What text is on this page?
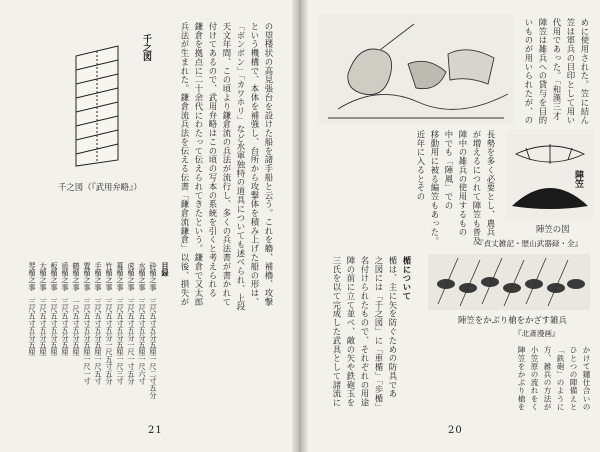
の望楼状の高見張台を設けた船を諸手船と云う。これを艪、補櫓、攻撃
という機構で、本体を補強し、台所から攻撃体を積み上げた船の形は、
「ボンボン」「カワホリ」など水軍独特の道具についても述べられ、上段
天文年間、この頃より鎌倉流の兵法が流行し、多くの兵法書が書かれて
付けてあるので、武用弁略はこの頃の写本の系統を引くと考えられる
鎌倉を拠点に二十余代にわたって伝えられてきたという。鎌倉で又太郎
兵法が生まれた。鎌倉流兵法を伝える伝書「鎌倉流鎌倉」以後、損失が
千之図
千之図（『武用弁略』）
目録
砕楯之事　三尺五寸五分五厘一尺二寸五分
水楯之事　三尺五寸五分五厘一尺六寸
虎楯之事　三尺五寸五分一尺一寸五分
幕楯之事　三尺五寸五分五厘一尺三寸
竹楯之事　三尺五寸五分一尺五寸五分
手楯之事　三尺五寸五分五厘一尺五寸
置楯之事　三尺五寸五分五厘一尺一寸
鶴楯之事　一尺五寸五分五厘
盾楯之事　三尺五寸五分五厘
板楯之事　三尺五寸五分五厘
大楯之事　三尺五寸五分五厘
琴楯之事　三尺五寸五分五厘
21
めに使用された。笠に結ん
笠は軍兵の目印として用い
代用であった。「和漢三才
陣笠は雑兵への貸与を目的
いものが用いられたが、の
長勢を多く必要とし、農兵
が増えるにつれて陣笠も普及
陣中の雑兵の使用するもの
中でも「陣風」での
移動用に被る編笠もあった。
近年に入るとその	陣笠
陣笠の図
『貞丈雑記・歴山武器録・全』
陣笠をかぶり槍をかざす雑兵
『北斎漫画』
かけて鑓仕合いの
ひとつの陣備えと
「鉄砲」のように
方、雑兵の方法が
小笠原の流れをく
陣笠をかぶり槍を
楯について
楯は、主に矢を防ぐための防具であ
之図には「千之図」に「車楯」「歩楯」
名付けられたもので、それぞれの用途
陣の前に立て並べ、敵の矢や鉄砲玉を
三氏を以て完成した武具として諸流に
20
